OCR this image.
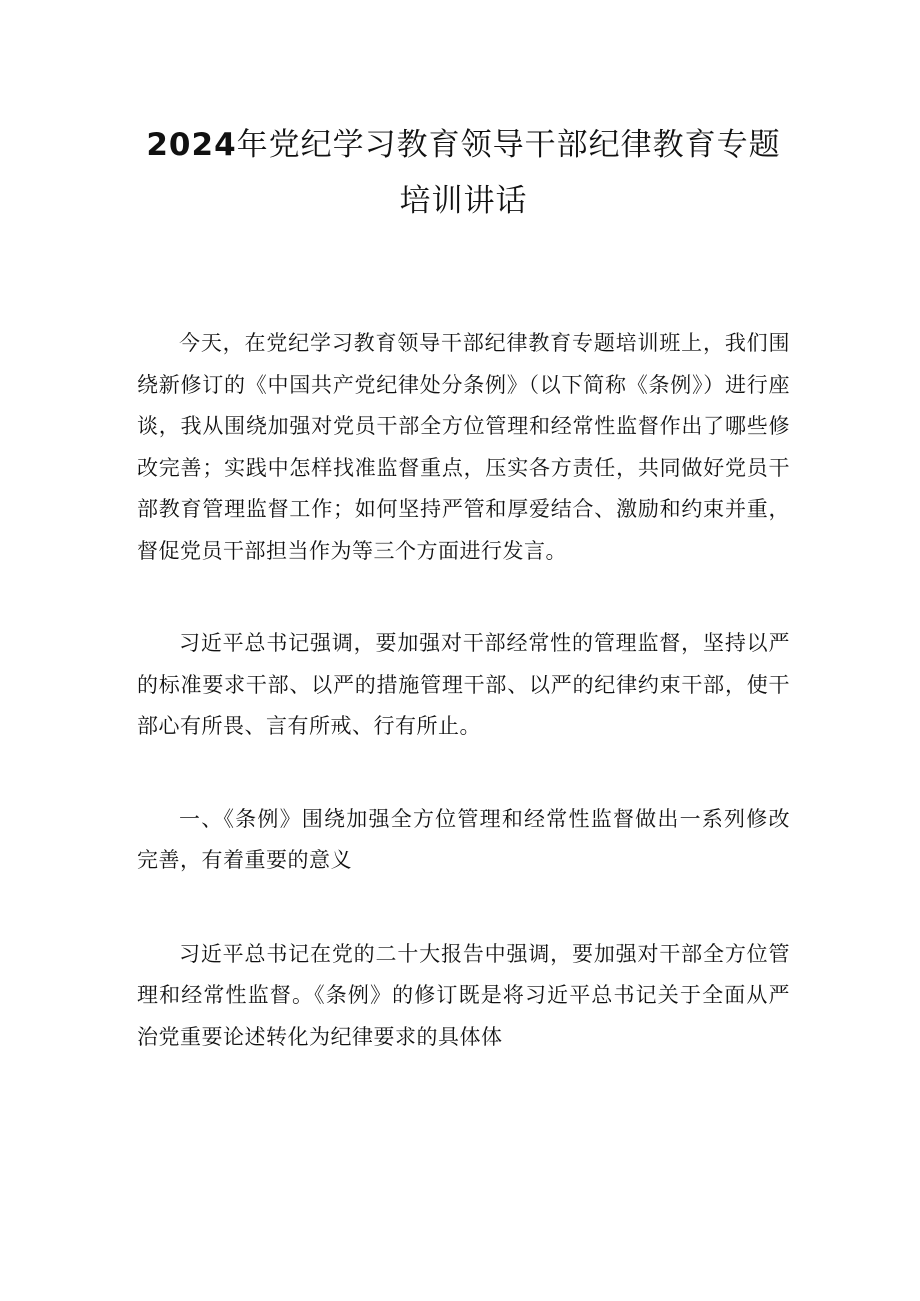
2024年党纪学习教育领导干部纪律教育专题培训讲话

今天，在党纪学习教育领导干部纪律教育专题培训班上，我们围绕新修订的《中国共产党纪律处分条例》（以下简称《条例》）进行座谈，我从围绕加强对党员干部全方位管理和经常性监督作出了哪些修改完善；实践中怎样找准监督重点，压实各方责任，共同做好党员干部教育管理监督工作；如何坚持严管和厚爱结合、激励和约束并重，督促党员干部担当作为等三个方面进行发言。

习近平总书记强调，要加强对干部经常性的管理监督，坚持以严的标准要求干部、以严的措施管理干部、以严的纪律约束干部，使干部心有所畏、言有所戒、行有所止。

一、《条例》围绕加强全方位管理和经常性监督做出一系列修改完善，有着重要的意义

习近平总书记在党的二十大报告中强调，要加强对干部全方位管理和经常性监督。《条例》的修订既是将习近平总书记关于全面从严治党重要论述转化为纪律要求的具体体
